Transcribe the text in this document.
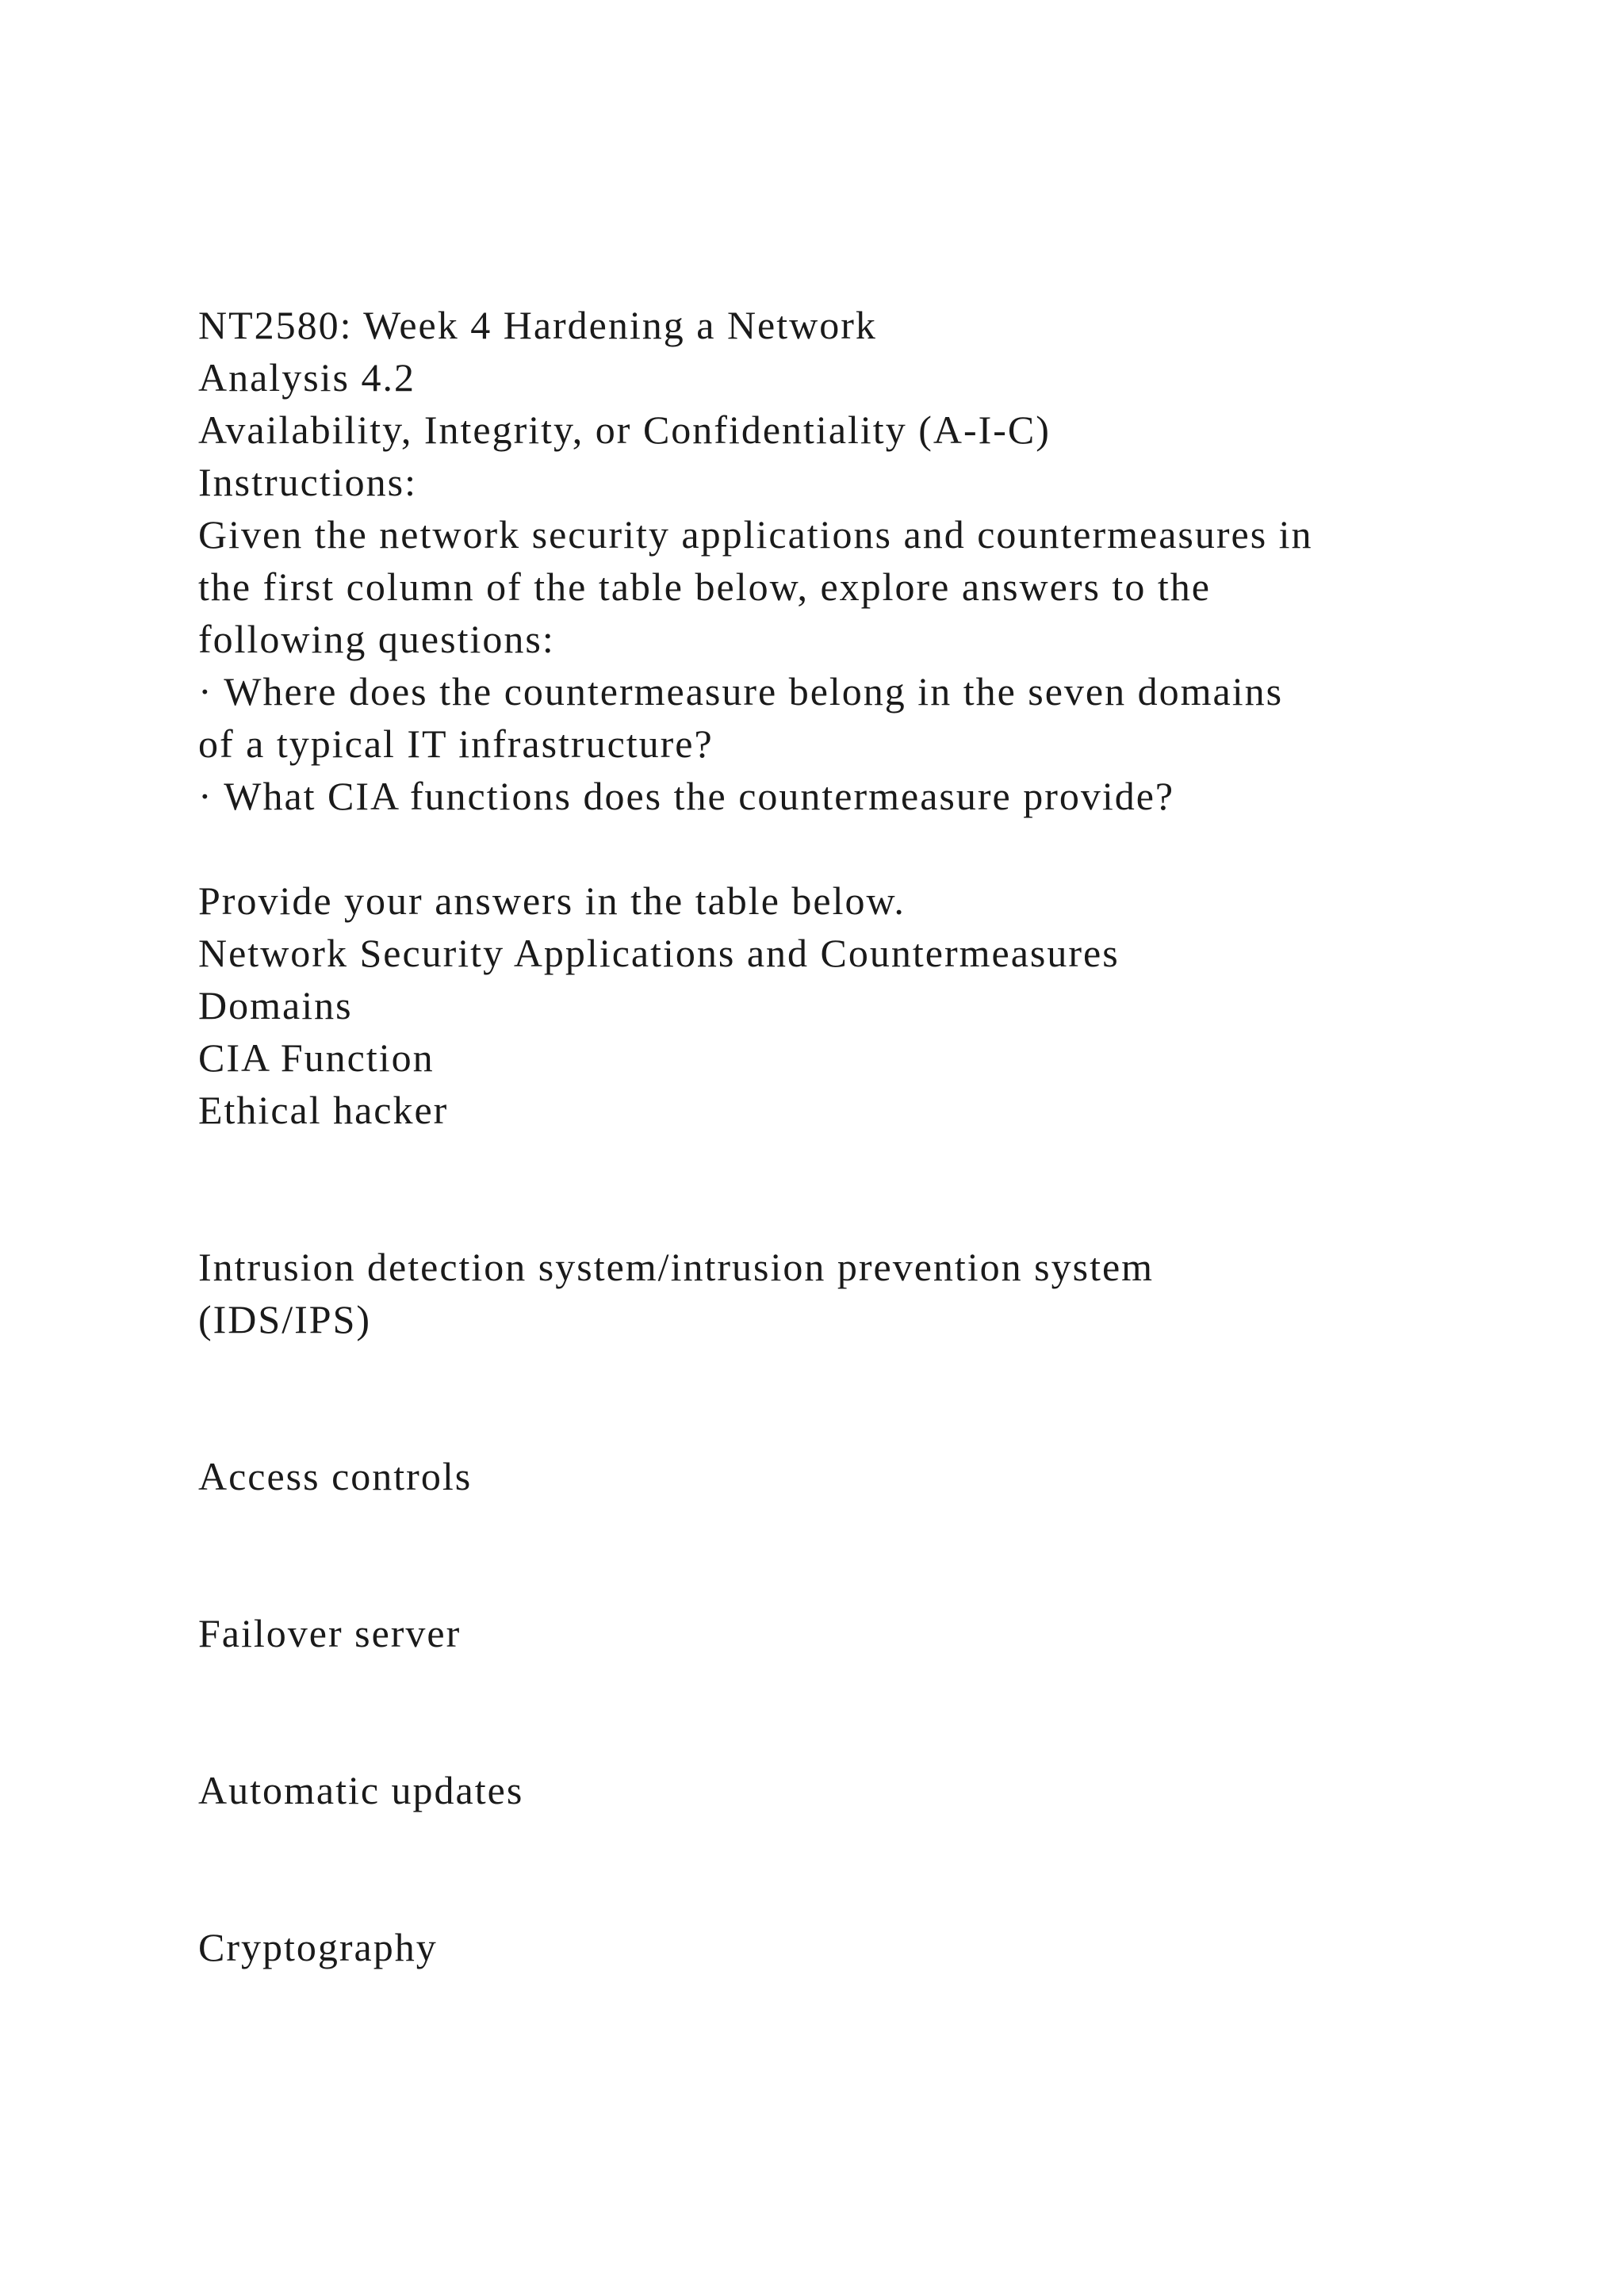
NT2580: Week 4 Hardening a Network
Analysis 4.2
Availability, Integrity, or Confidentiality (A-I-C)
Instructions:
Given the network security applications and countermeasures in
the first column of the table below, explore answers to the
following questions:
· Where does the countermeasure belong in the seven domains
of a typical IT infrastructure?
· What CIA functions does the countermeasure provide?
Provide your answers in the table below.
Network Security Applications and Countermeasures
Domains
CIA Function
Ethical hacker
Intrusion detection system/intrusion prevention system
(IDS/IPS)
Access controls
Failover server
Automatic updates
Cryptography
